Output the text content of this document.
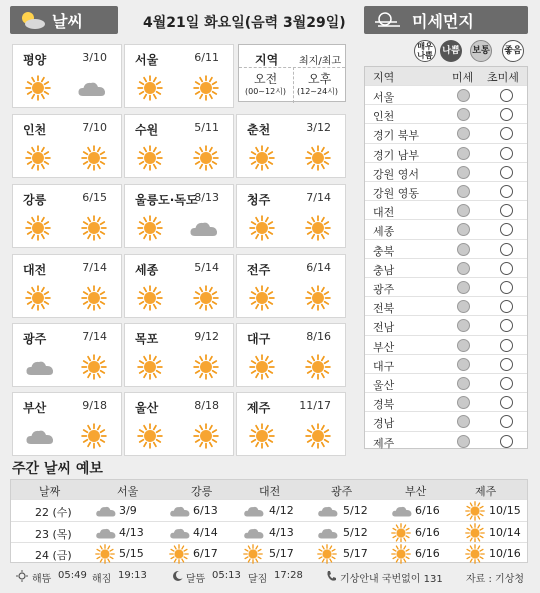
날씨	4월21일 화요일(음력 3월29일)
평양	3/10 서울	6/11
인천	7/10 수원	5/11 춘천	3/12
강릉	6/15 울릉도·독도
8/13 청주	7/14
대전	7/14 세종	5/14 전주	6/14
광주	7/14 목포	9/12 대구	8/16
부산	9/18 울산	8/18 제주	11/17
지역 최지/최고
오전
(00~12시)
오후
(12~24시)
미세먼지
매우나쁨 나쁨 보통 좋음
지역	미세 초미세
서울
인천
경기 북부
경기 남부
강원 영서
강원 영동
대전
세종
충북
충남
광주
전북
전남
부산
대구
울산
경북
경남
제주
주간 날씨 예보
날짜	서울	강릉	대전	광주	부산	제주
22 (수)	3/9	6/13	4/12	5/12	6/16	10/15
23 (목)	4/13	4/14	4/13	5/12	6/16	10/14
24 (금)	5/15	6/17	5/17	5/17	6/16	10/16
해뜸 05:49 해짐 19:13	달뜸 05:13 달짐 17:28	기상안내 국번없이 131 자료 : 기상청
